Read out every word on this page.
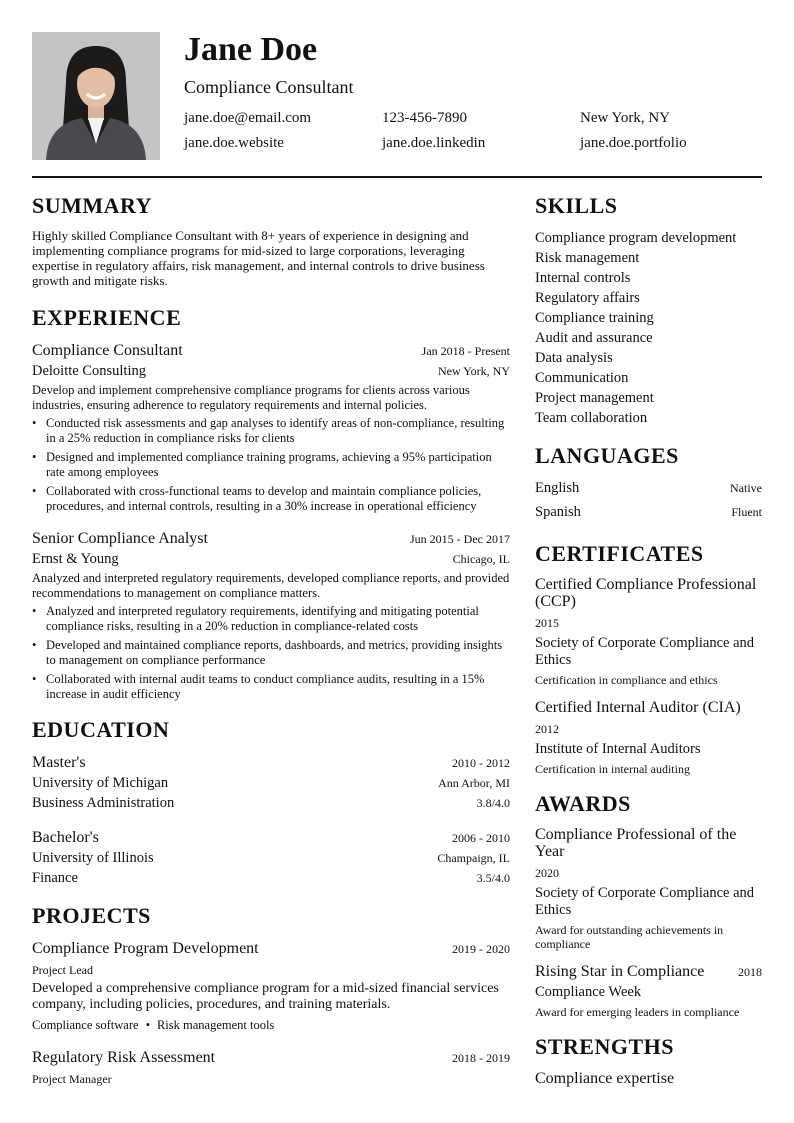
Jane Doe
Compliance Consultant
jane.doe@email.com	123-456-7890	New York, NY
jane.doe.website	jane.doe.linkedin	jane.doe.portfolio
SUMMARY

Highly skilled Compliance Consultant with 8+ years of experience in designing and implementing compliance programs for mid-sized to large corporations, leveraging expertise in regulatory affairs, risk management, and internal controls to drive business growth and mitigate risks.

EXPERIENCE
Compliance Consultant	Jan 2018 - Present
Deloitte Consulting	New York, NY
Develop and implement comprehensive compliance programs for clients across various industries, ensuring adherence to regulatory requirements and internal policies.
• Conducted risk assessments and gap analyses to identify areas of non-compliance, resulting in a 25% reduction in compliance risks for clients
• Designed and implemented compliance training programs, achieving a 95% participation rate among employees
• Collaborated with cross-functional teams to develop and maintain compliance policies, procedures, and internal controls, resulting in a 30% increase in operational efficiency
Senior Compliance Analyst	Jun 2015 - Dec 2017
Ernst & Young	Chicago, IL
Analyzed and interpreted regulatory requirements, developed compliance reports, and provided recommendations to management on compliance matters.
• Analyzed and interpreted regulatory requirements, identifying and mitigating potential compliance risks, resulting in a 20% reduction in compliance-related costs
• Developed and maintained compliance reports, dashboards, and metrics, providing insights to management on compliance performance
• Collaborated with internal audit teams to conduct compliance audits, resulting in a 15% increase in audit efficiency
EDUCATION
Master's	2010 - 2012
University of Michigan	Ann Arbor, MI
Business Administration	3.8/4.0
Bachelor's	2006 - 2010
University of Illinois	Champaign, IL
Finance	3.5/4.0
PROJECTS
Compliance Program Development	2019 - 2020
Project Lead
Developed a comprehensive compliance program for a mid-sized financial services company, including policies, procedures, and training materials.
Compliance software • Risk management tools
Regulatory Risk Assessment	2018 - 2019
Project Manager
SKILLS
Compliance program development
Risk management
Internal controls
Regulatory affairs
Compliance training
Audit and assurance
Data analysis
Communication
Project management
Team collaboration
LANGUAGES
English	Native
Spanish	Fluent
CERTIFICATES
Certified Compliance Professional (CCP)
2015
Society of Corporate Compliance and Ethics
Certification in compliance and ethics
Certified Internal Auditor (CIA)
2012
Institute of Internal Auditors
Certification in internal auditing
AWARDS
Compliance Professional of the Year
2020
Society of Corporate Compliance and Ethics
Award for outstanding achievements in compliance
Rising Star in Compliance	2018
Compliance Week
Award for emerging leaders in compliance
STRENGTHS
Compliance expertise
